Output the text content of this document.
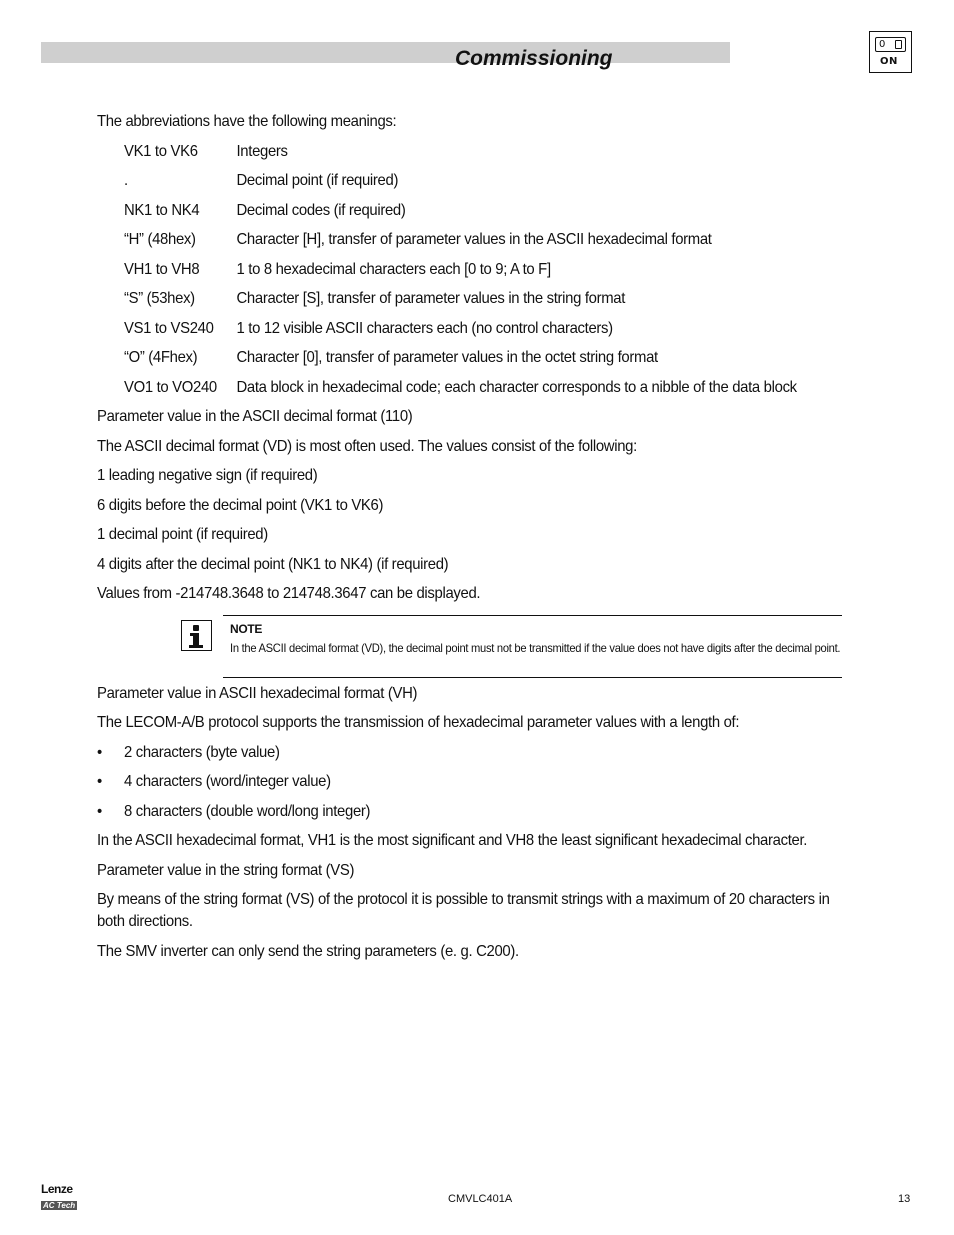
Commissioning
0
ON

The abbreviations have the following meanings:

VK1 to VK6	Integers
.	Decimal point (if required)
NK1 to NK4	Decimal codes (if required)
“H” (48hex)	Character [H], transfer of parameter values in the ASCII hexadecimal format
VH1 to VH8	1 to 8 hexadecimal characters each [0 to 9; A to F]
“S” (53hex)	Character [S], transfer of parameter values in the string format
VS1 to VS240	1 to 12 visible ASCII characters each (no control characters)
“O” (4Fhex)	Character [0], transfer of parameter values in the octet string format
VO1 to VO240	Data block in hexadecimal code; each character corresponds to a nibble of the data block

Parameter value in the ASCII decimal format (110)

The ASCII decimal format (VD) is most often used. The values consist of the following:

1 leading negative sign (if required)

6 digits before the decimal point (VK1 to VK6)

1 decimal point (if required)

4 digits after the decimal point (NK1 to NK4) (if required)

Values from -214748.3648 to 214748.3647 can be displayed.

Parameter value in ASCII hexadecimal format (VH)

The LECOM-A/B protocol supports the transmission of hexadecimal parameter values with a length of:

•	2 characters (byte value)
•	4 characters (word/integer value)
•	8 characters (double word/long integer)

In the ASCII hexadecimal format, VH1 is the most significant and VH8 the least significant hexadecimal character.

Parameter value in the string format (VS)

By means of the string format (VS) of the protocol it is possible to transmit strings with a maximum of 20 characters in both directions.

The SMV inverter can only send the string parameters (e. g. C200).

NOTE
In the ASCII decimal format (VD), the decimal point must not be transmitted if the value does not have digits after the decimal point.
Lenze
AC Tech
CMVLC401A	13
